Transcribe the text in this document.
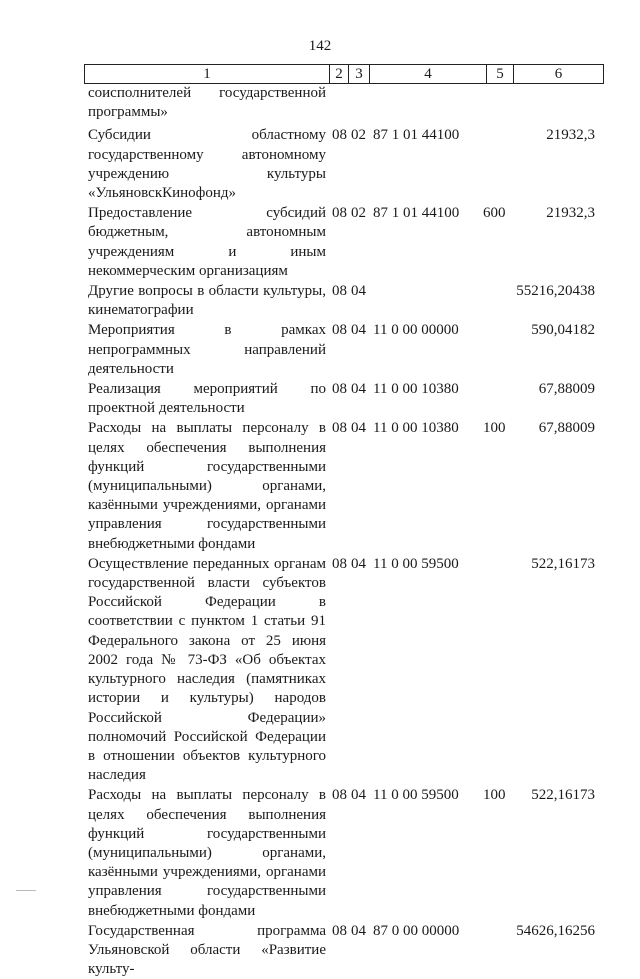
142
1	2 3	4	5	6
соисполнителей государственной программы»
Субсидии областному государственному автономному учреждению культуры «УльяновскКинофонд»
08 02 87 1 01 44100	21932,3
Предоставление субсидий бюджетным, автономным учреждениям и иным некоммерческим организациям
08 02 87 1 01 44100	600	21932,3
Другие вопросы в области культуры, кинематографии
08 04	55216,20438
Мероприятия в рамках непрограммных направлений деятельности
08 04 11 0 00 00000	590,04182
Реализация мероприятий по проектной деятельности
08 04 11 0 00 10380	67,88009
Расходы на выплаты персоналу в целях обеспечения выполнения функций государственными (муниципальными) органами, казёнными учреждениями, органами управления государственными внебюджетными фондами
08 04 11 0 00 10380	100	67,88009
Осуществление переданных органам государственной власти субъектов Российской Федерации в соответствии с пунктом 1 статьи 91 Федерального закона от 25 июня 2002 года № 73-ФЗ «Об объектах культурного наследия (памятниках истории и культуры) народов Российской Федерации» полномочий Российской Федерации в отношении объектов культурного наследия
08 04 11 0 00 59500	522,16173
Расходы на выплаты персоналу в целях обеспечения выполнения функций государственными (муниципальными) органами, казёнными учреждениями, органами управления государственными внебюджетными фондами
08 04 11 0 00 59500	100	522,16173
Государственная программа Ульяновской области «Развитие культу-
08 04 87 0 00 00000	54626,16256
